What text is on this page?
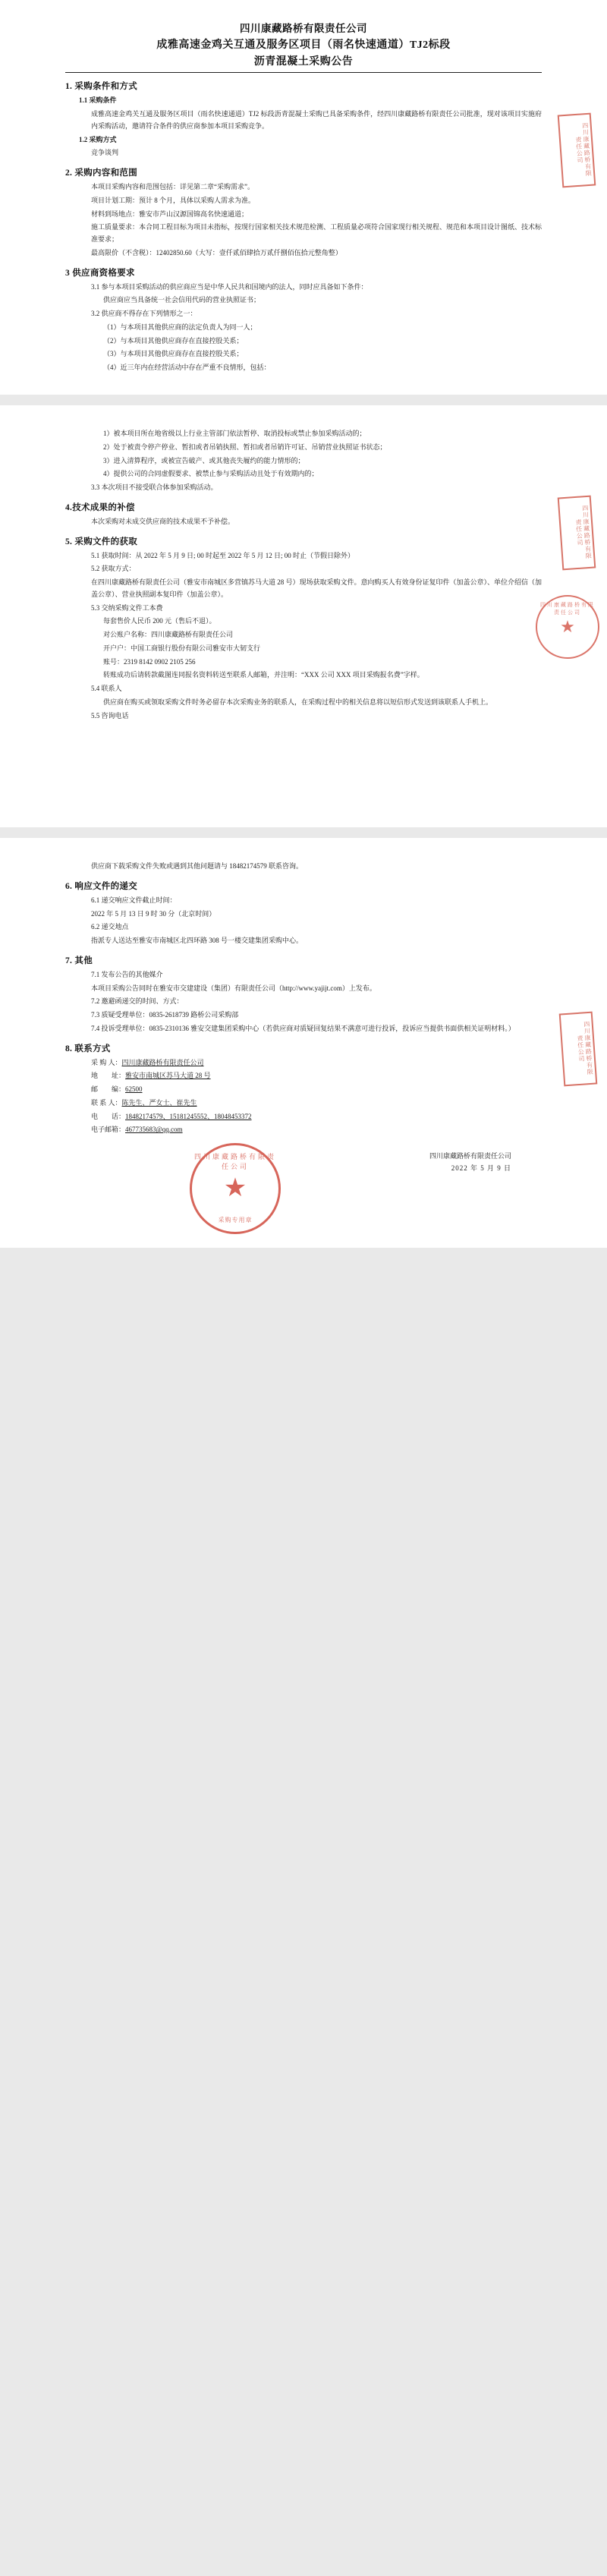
四川康藏路桥有限责任公司
成雅高速金鸡关互通及服务区项目（雨名快速通道）TJ2标段
沥青混凝土采购公告
1. 采购条件和方式

1.1 采购条件

成雅高速金鸡关互通及服务区项目（雨名快速通道）TJ2 标段沥青混凝土采购已具备采购条件，经四川康藏路桥有限责任公司批准，现对该项目实施府内采购活动，邀请符合条件的供应商参加本项目采购竞争。

1.2 采购方式

竞争谈判

2. 采购内容和范围

本项目采购内容和范围包括：详见第二章“采购需求”。

项目计划工期：预计 8 个月，具体以采购人需求为准。

材料到场地点：雅安市芦山汉源国锦高名快速通道；

施工质量要求：本合同工程目标为项目未指标，按现行国家相关技术规范检测、工程质量必项符合国家现行相关规程、规范和本项目设计图纸、技术标准要求；

最高限价（不含税）：12402850.60（大写：壹仟贰佰肆拾万贰仟捌佰伍拾元整角整）

3 供应商资格要求

3.1 参与本项目采购活动的供应商应当是中华人民共和国境内的法人，同时应具备如下条件：

供应商应当具备统一社会信用代码的营业执照证书；

3.2 供应商不得存在下列情形之一：

（1）与本项目其他供应商的法定负责人为同一人；

（2）与本项目其他供应商存在直接控股关系；

（3）与本项目其他供应商存在直接控股关系；

（4）近三年内在经营活动中存在严重不良情形，包括：

四川康藏路桥有限责任公司

1）被本项目所在地省级以上行业主管部门依法暂停、取消投标或禁止参加采购活动的；

2）处于被责令停产停业、暂扣或者吊销执照、暂扣或者吊销许可证、吊销营业执照证书状态；

3）进入清算程序，或被宣告破产、或其他丧失履约的能力情形的；

4）提供公司的合同虚假要求、被禁止参与采购活动且处于有效期内的；

3.3 本次项目不接受联合体参加采购活动。

4.技术成果的补偿

本次采购对未成交供应商的技术成果不予补偿。

5. 采购文件的获取

5.1 获取时间：从 2022 年 5 月 9 日; 00 时起至 2022 年 5 月 12 日; 00 时止（节假日除外）

5.2 获取方式：

在四川康藏路桥有限责任公司（雅安市南城区多营镇苏马大道 28 号）现场获取采购文件。意向购买人有效身份证复印件（加盖公章）、单位介绍信（加盖公章）、营业执照副本复印件（加盖公章）。

5.3 交纳采购文件工本费

每套售价人民币 200 元（售后不退）。

对公账户名称：四川康藏路桥有限责任公司

开户户：中国工商银行股份有限公司雅安市大韧支行

账号：2319 8142 0902 2105 256

转账成功后请转款截图连同报名资料转送至联系人邮箱，并注明：“XXX 公司 XXX 项目采购报名费”字样。

5.4 联系人

供应商在购买或领取采购文件时务必留存本次采购业务的联系人，在采购过程中的相关信息将以短信形式发送到该联系人手机上。

5.5 咨询电话

四川康藏路桥有限责任公司
四川康藏路桥有限责任公司
★

供应商下载采购文件失败或遇到其他问题请与 18482174579 联系咨询。

6. 响应文件的递交

6.1 递交响应文件截止时间：

2022 年 5 月 13 日 9 时 30 分（北京时间）

6.2 递交地点

指派专人送达至雅安市南城区北四环路 308 号一楼交建集团采购中心。

7. 其他

7.1 发布公告的其他媒介

本项目采购公告同时在雅安市交建建设（集团）有限责任公司（http://www.yajijt.com）上发布。

7.2 邀避函递交的时间、方式：

7.3 质疑受理单位：0835-2618739 路桥公司采购部

7.4 投诉受理单位：0835-2310136 雅安交建集团采购中心（若供应商对质疑回复结果不满意可进行投诉，投诉应当提供书面供相关证明材料。）

8. 联系方式

采 购 人：四川康藏路桥有限责任公司

地　　址：雅安市南城区苏马大道 28 号

邮　　编：62500

联 系 人：陈先生、严女士、崔先生

电　　话：18482174579、15181245552、18048453372

电子邮箱：467735683@qq.com

四川康藏路桥有限责任公司
2022 年 5 月 9 日
四川康藏路桥有限责任公司
四川康藏路桥有限责任公司
★
采购专用章
